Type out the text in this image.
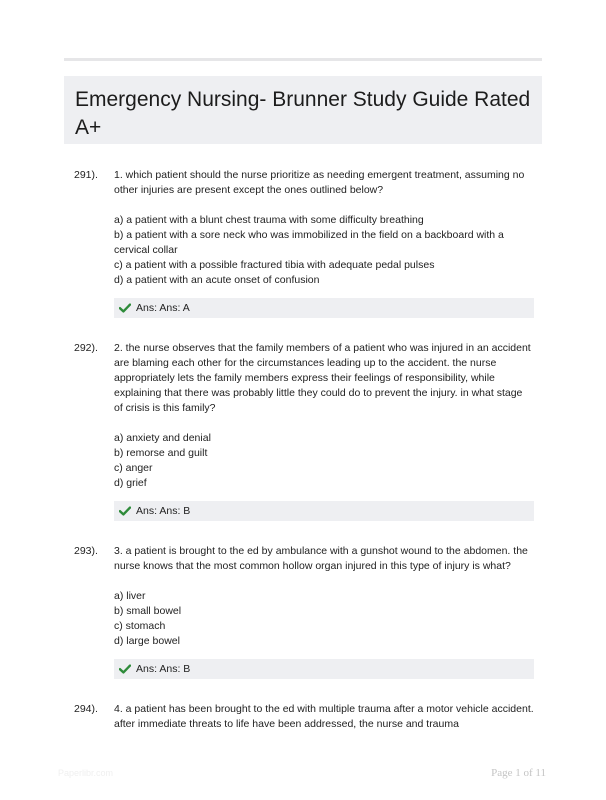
Emergency Nursing- Brunner Study Guide Rated A+
291). 1. which patient should the nurse prioritize as needing emergent treatment, assuming no other injuries are present except the ones outlined below?

a) a patient with a blunt chest trauma with some difficulty breathing
b) a patient with a sore neck who was immobilized in the field on a backboard with a cervical collar
c) a patient with a possible fractured tibia with adequate pedal pulses
d) a patient with an acute onset of confusion
Ans: Ans: A
292). 2. the nurse observes that the family members of a patient who was injured in an accident are blaming each other for the circumstances leading up to the accident. the nurse appropriately lets the family members express their feelings of responsibility, while explaining that there was probably little they could do to prevent the injury. in what stage of crisis is this family?

a) anxiety and denial
b) remorse and guilt
c) anger
d) grief
Ans: Ans: B
293). 3. a patient is brought to the ed by ambulance with a gunshot wound to the abdomen. the nurse knows that the most common hollow organ injured in this type of injury is what?

a) liver
b) small bowel
c) stomach
d) large bowel
Ans: Ans: B
294). 4. a patient has been brought to the ed with multiple trauma after a motor vehicle accident. after immediate threats to life have been addressed, the nurse and trauma

Paperlibr.com	Page 1 of 11
